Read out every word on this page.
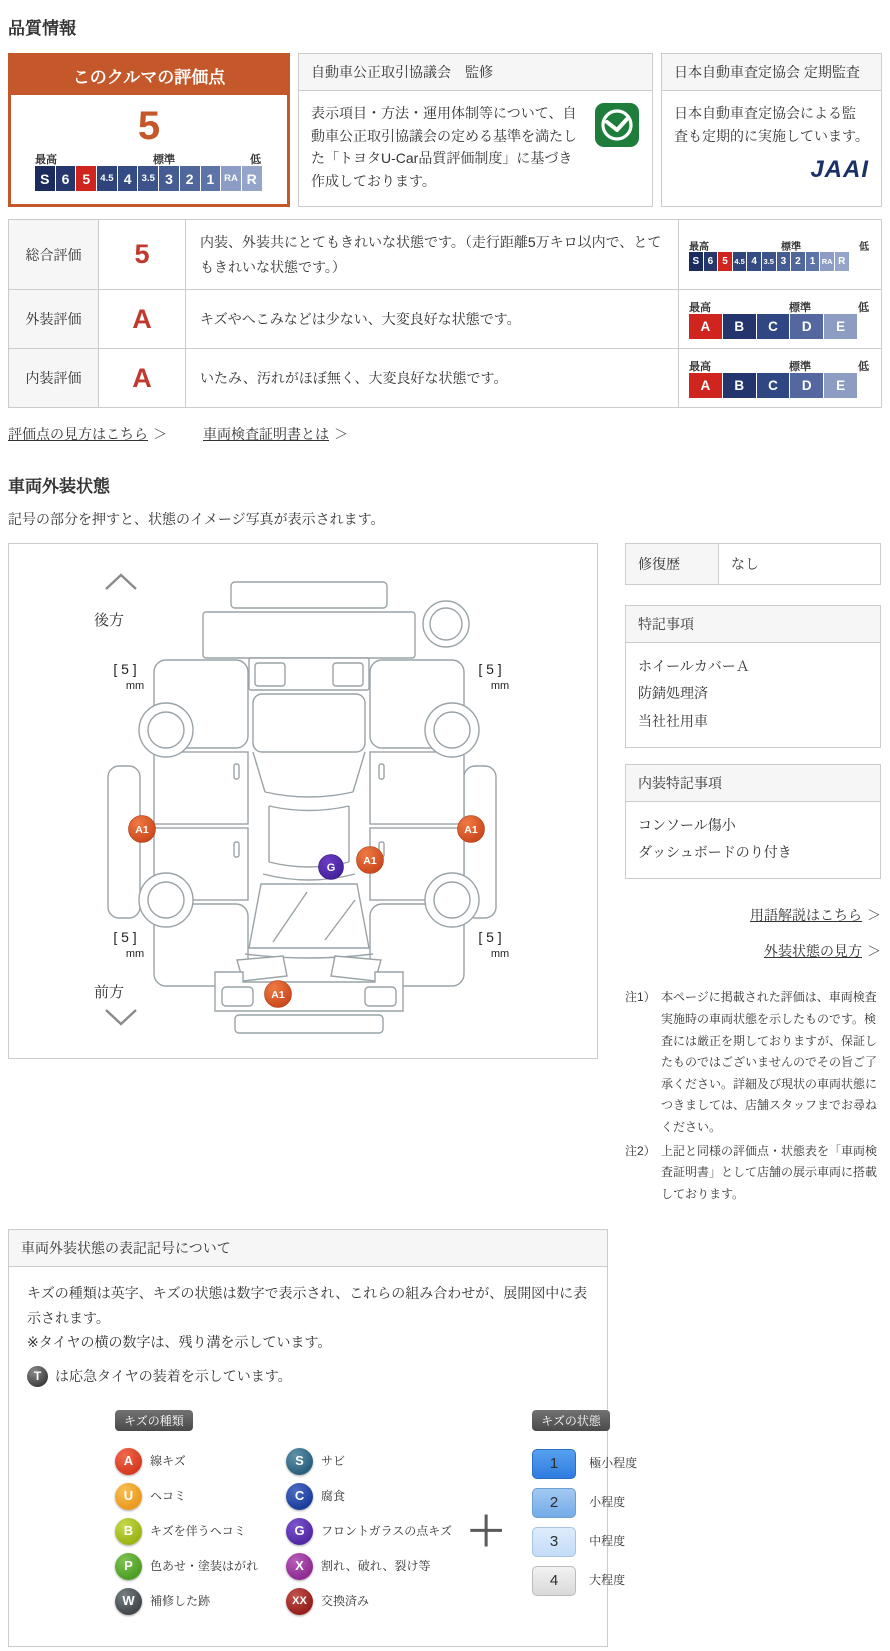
品質情報
このクルマの評価点
5
最高	標準	低
S 6 5	4.5 4	3.5 3 2 1	RA R
自動車公正取引協議会　監修

表示項目・方法・運用体制等について、自動車公正取引協議会の定める基準を満たした「トヨタU-Car品質評価制度」に基づき作成しております。

日本自動車査定協会 定期監査
日本自動車査定協会による監査も定期的に実施しています。
JAAI
総合評価	5	内装、外装共にとてもきれいな状態です。（走行距離5万キロ以内で、とてもきれいな状態です。）	
最高	標準	低
S 6 5 4.5 4 3.5 3 2 1 RA R

外装評価	A	キズやへこみなどは少ない、大変良好な状態です。	
最高	標準	低
A	B	C	D	E

内装評価	A	いたみ、汚れがほぼ無く、大変良好な状態です。	
最高	標準	低
A	B	C	D	E
評価点の見方はこちら ＞	車両検査証明書とは ＞
車両外装状態
記号の部分を押すと、状態のイメージ写真が表示されます。
後方
前方
[ 5 ]
mm
[ 5 ]
mm
[ 5 ]
mm
[ 5 ]
mm
A1	A1
G
A1
A1
修復歴	なし
特記事項
ホイールカバーＡ
防錆処理済
当社社用車
内装特記事項
コンソール傷小
ダッシュボードのり付き
用語解説はこちら ＞
外装状態の見方 ＞
注1） 本ページに掲載された評価は、車両検査実施時の車両状態を示したものです。検査には厳正を期しておりますが、保証したものではございませんのでその旨ご了承ください。詳細及び現状の車両状態につきましては、店舗スタッフまでお尋ねください。
注2） 上記と同様の評価点・状態表を「車両検査証明書」として店舗の展示車両に搭載しております。
車両外装状態の表記記号について

キズの種類は英字、キズの状態は数字で表示され、これらの組み合わせが、展開図中に表示されます。

※タイヤの横の数字は、残り溝を示しています。

T は応急タイヤの装着を示しています。
キズの種類
A	線キズ
U	ヘコミ
B	キズを伴うヘコミ
P	色あせ・塗装はがれ
W	補修した跡
S	サビ
C	腐食
G	フロントガラスの点キズ
X	割れ、破れ、裂け等
XX	交換済み
＋
キズの状態
1	極小程度
2	小程度
3	中程度
4	大程度
